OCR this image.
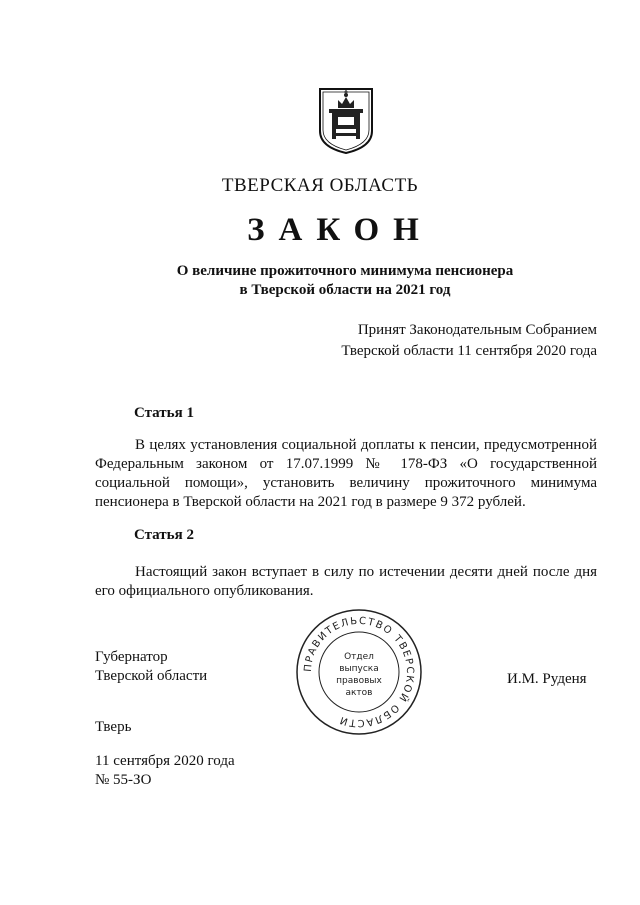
ТВЕРСКАЯ ОБЛАСТЬ
ЗАКОН
О величине прожиточного минимума пенсионера
в Тверской области на 2021 год
Принят Законодательным Собранием
Тверской области 11 сентября 2020 года
Статья 1
В целях установления социальной доплаты к пенсии, предусмотренной Федеральным законом от 17.07.1999 № 178-ФЗ «О государственной социальной помощи», установить величину прожиточного минимума пенсионера в Тверской области на 2021 год в размере 9 372 рублей.
Статья 2
Настоящий закон вступает в силу по истечении десяти дней после дня его официального опубликования.
Губернатор
Тверской области	И.М. Руденя
ПРАВИТЕЛЬСТВО ТВЕРСКОЙ ОБЛАСТИ
Отдел
выпуска
правовых
актов
Тверь
11 сентября 2020 года
№ 55-ЗО
